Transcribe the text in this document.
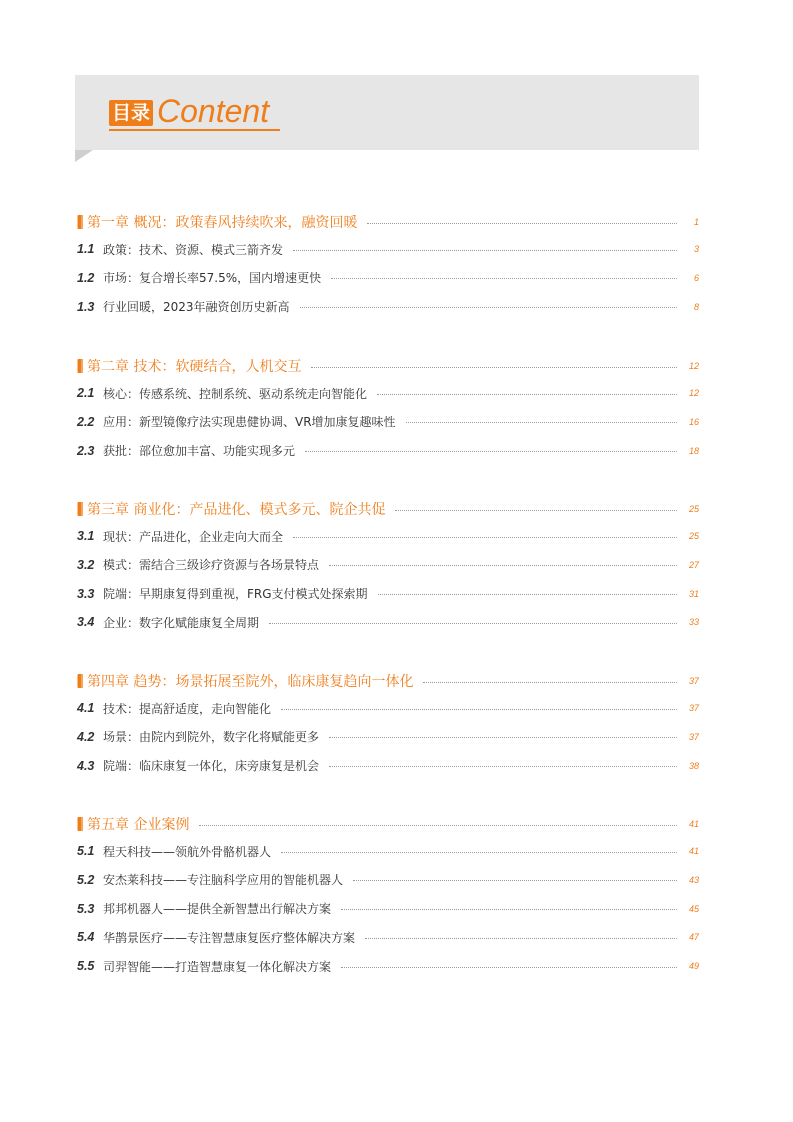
目录 Content
第一章 概况：政策春风持续吹来，融资回暖	1
1.1 政策：技术、资源、模式三箭齐发	3
1.2 市场：复合增长率57.5%，国内增速更快	6
1.3 行业回暖，2023年融资创历史新高	8
第二章 技术：软硬结合，人机交互	12
2.1 核心：传感系统、控制系统、驱动系统走向智能化	12
2.2 应用：新型镜像疗法实现患健协调、VR增加康复趣味性	16
2.3 获批：部位愈加丰富、功能实现多元	18
第三章 商业化：产品进化、模式多元、院企共促	25
3.1 现状：产品进化，企业走向大而全	25
3.2 模式：需结合三级诊疗资源与各场景特点	27
3.3 院端：早期康复得到重视，FRG支付模式处探索期	31
3.4 企业：数字化赋能康复全周期	33
第四章 趋势：场景拓展至院外，临床康复趋向一体化	37
4.1 技术：提高舒适度，走向智能化	37
4.2 场景：由院内到院外，数字化将赋能更多	37
4.3 院端：临床康复一体化，床旁康复是机会	38
第五章 企业案例	41
5.1 程天科技——领航外骨骼机器人	41
5.2 安杰莱科技——专注脑科学应用的智能机器人	43
5.3 邦邦机器人——提供全新智慧出行解决方案	45
5.4 华鹊景医疗——专注智慧康复医疗整体解决方案	47
5.5 司羿智能——打造智慧康复一体化解决方案	49
